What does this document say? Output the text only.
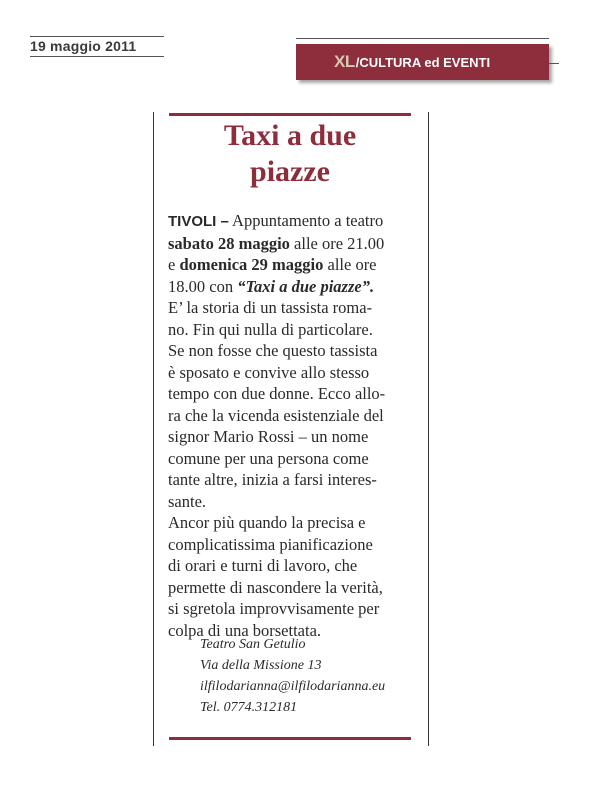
19 maggio 2011
XL /CULTURA ed EVENTI
Taxi a due
piazze

TIVOLI – Appuntamento a teatro

sabato 28 maggio alle ore 21.00

e domenica 29 maggio alle ore

18.00 con “Taxi a due piazze”.

E’ la storia di un tassista roma-

no. Fin qui nulla di particolare.

Se non fosse che questo tassista

è sposato e convive allo stesso

tempo con due donne. Ecco allo-

ra che la vicenda esistenziale del

signor Mario Rossi – un nome

comune per una persona come

tante altre, inizia a farsi interes-

sante.

Ancor più quando la precisa e

complicatissima pianificazione

di orari e turni di lavoro, che

permette di nascondere la verità,

si sgretola improvvisamente per

colpa di una borsettata.

Teatro San Getulio
Via della Missione 13
ilfilodarianna@ilfilodarianna.eu
Tel. 0774.312181
